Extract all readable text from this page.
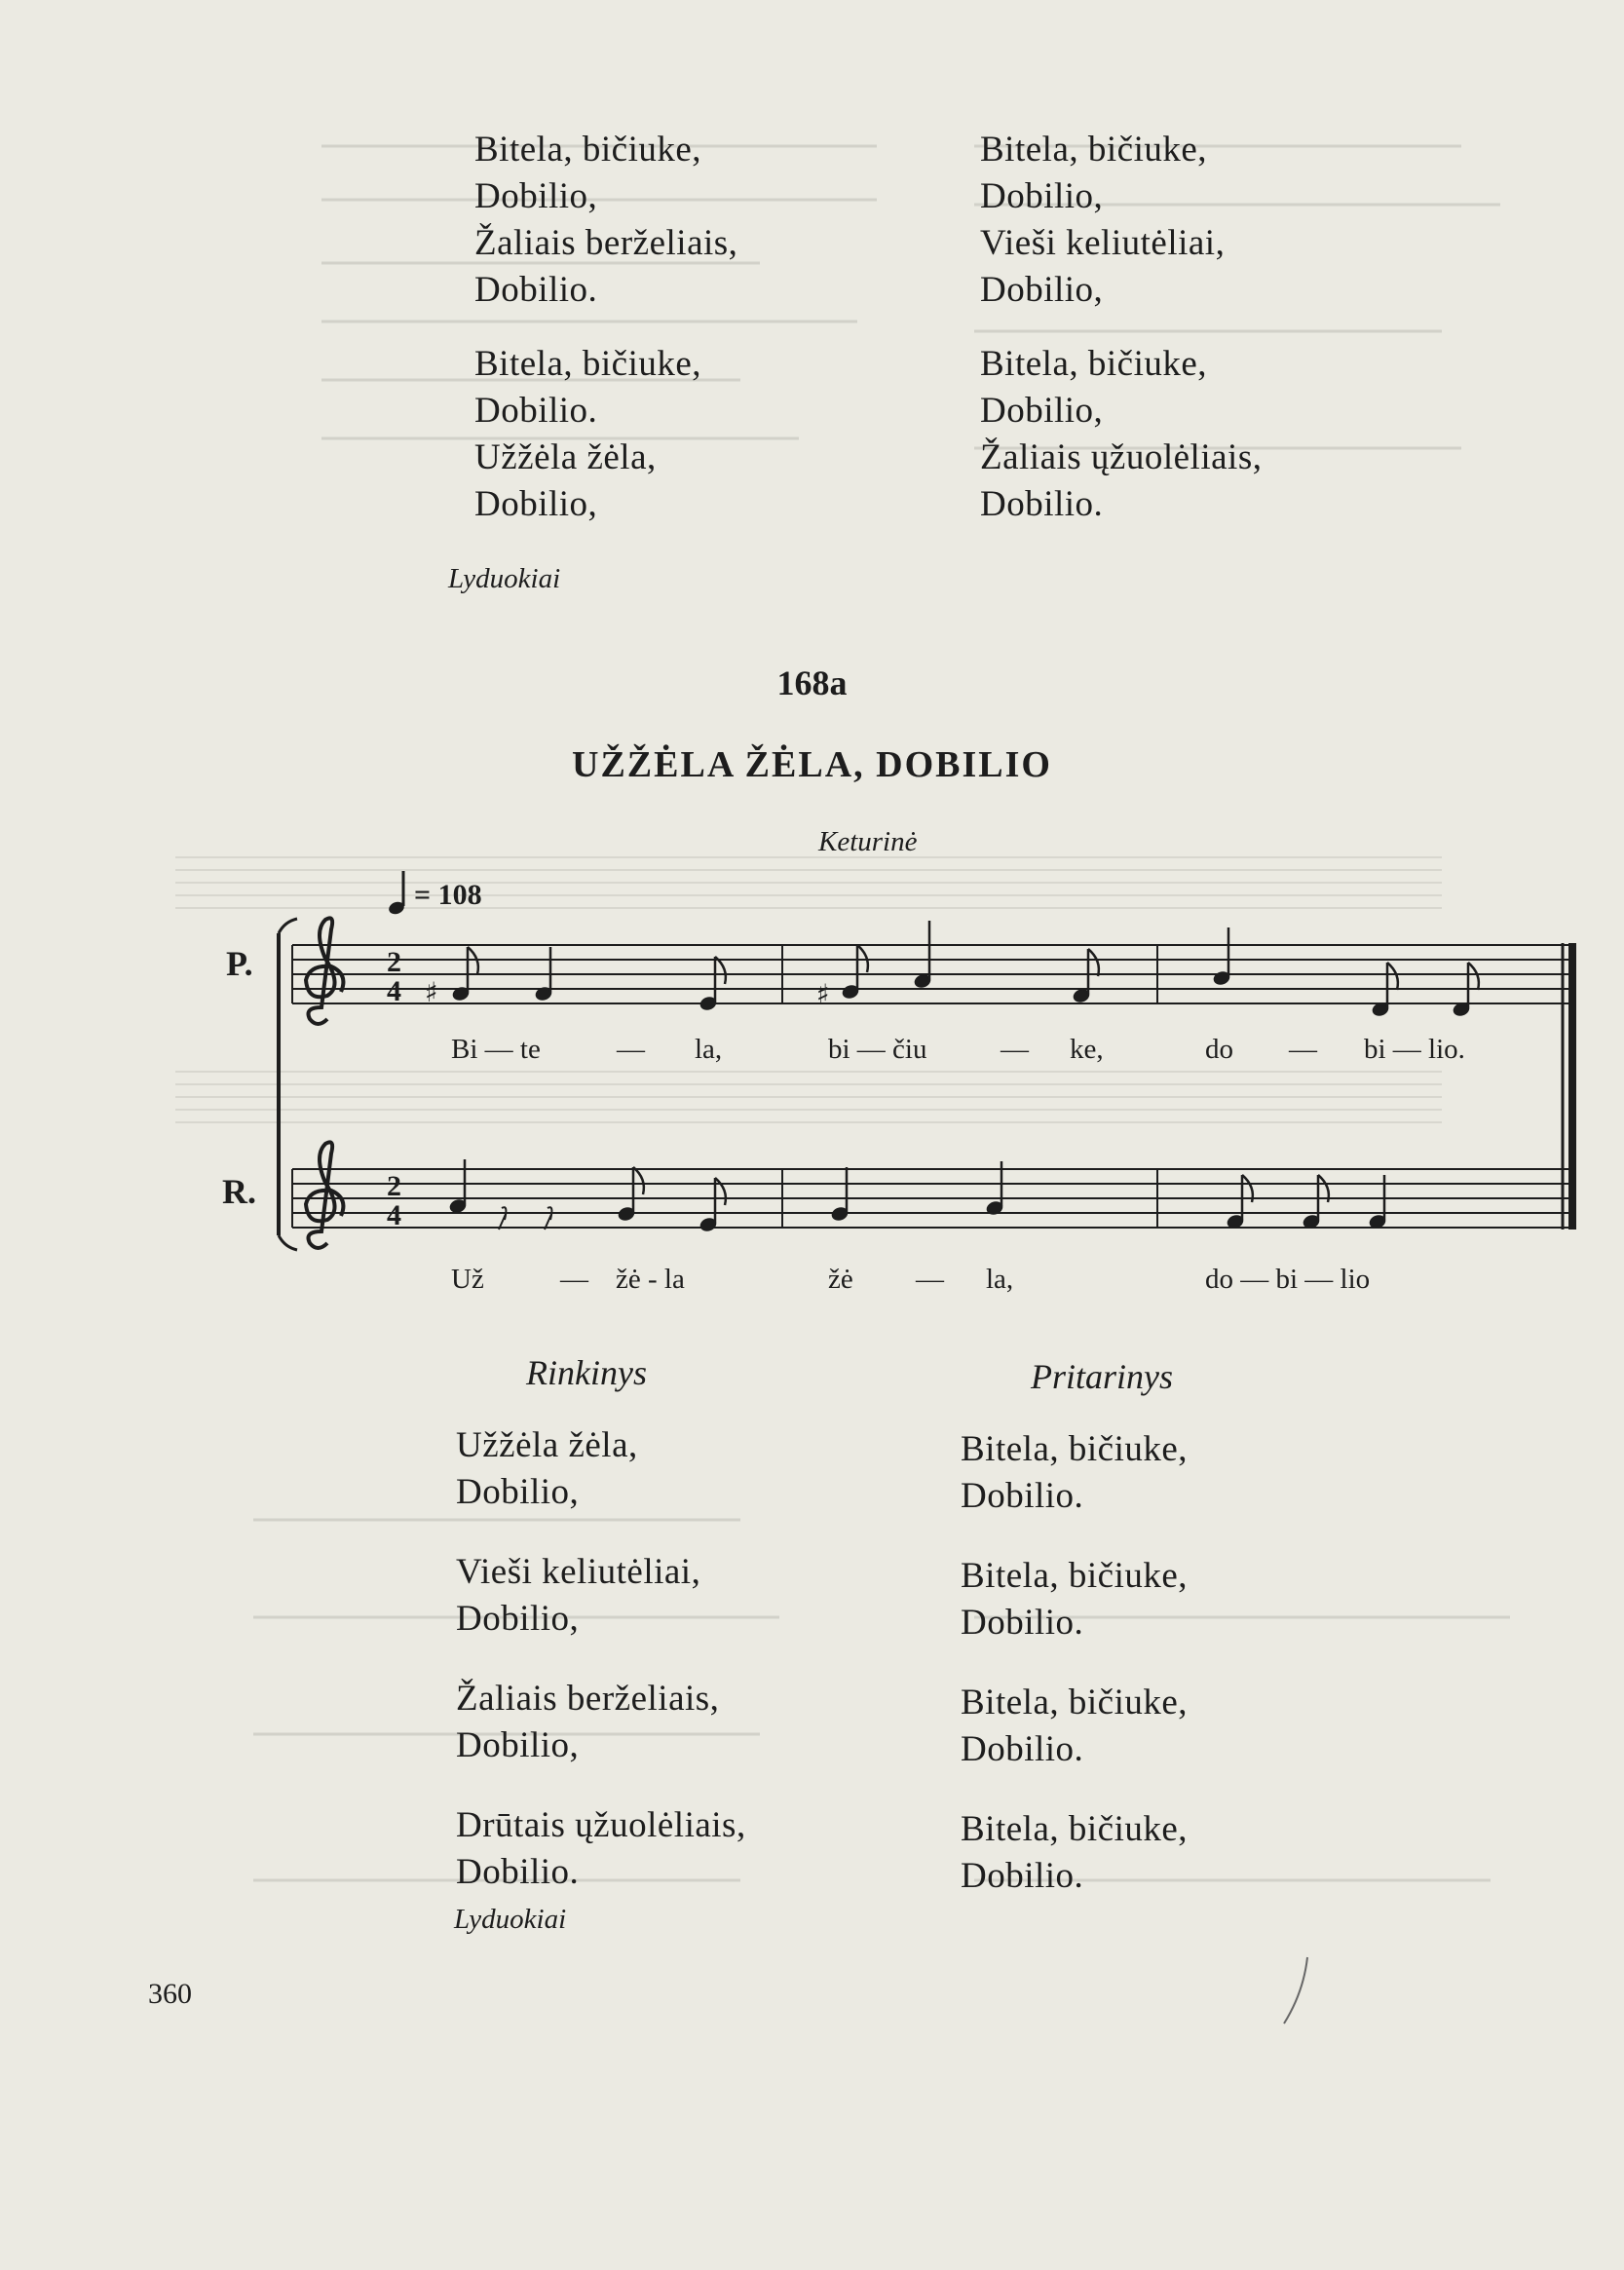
Bitela, bičiuke,
Dobilio,
Žaliais berželiais,
Dobilio.
Bitela, bičiuke,
Dobilio.
Užžėla žėla,
Dobilio,
Lyduokiai
Bitela, bičiuke,
Dobilio,
Vieši keliutėliai,
Dobilio,
Bitela, bičiuke,
Dobilio,
Žaliais ųžuolėliais,
Dobilio.
168a
UŽŽĖLA ŽĖLA, DOBILIO
Keturinė
= 108
P.
R.
2
4
2
4
♯	♯
Bi — te	— la,	bi — čiu	— ke,	do — bi — lio.
Už	— žė - la	žė — la,	do — bi — lio
Rinkinys	Pritarinys
Užžėla žėla,
Dobilio,
Vieši keliutėliai,
Dobilio,
Žaliais berželiais,
Dobilio,
Drūtais ųžuolėliais,
Dobilio.
Bitela, bičiuke,
Dobilio.
Bitela, bičiuke,
Dobilio.
Bitela, bičiuke,
Dobilio.
Bitela, bičiuke,
Dobilio.
Lyduokiai
360
